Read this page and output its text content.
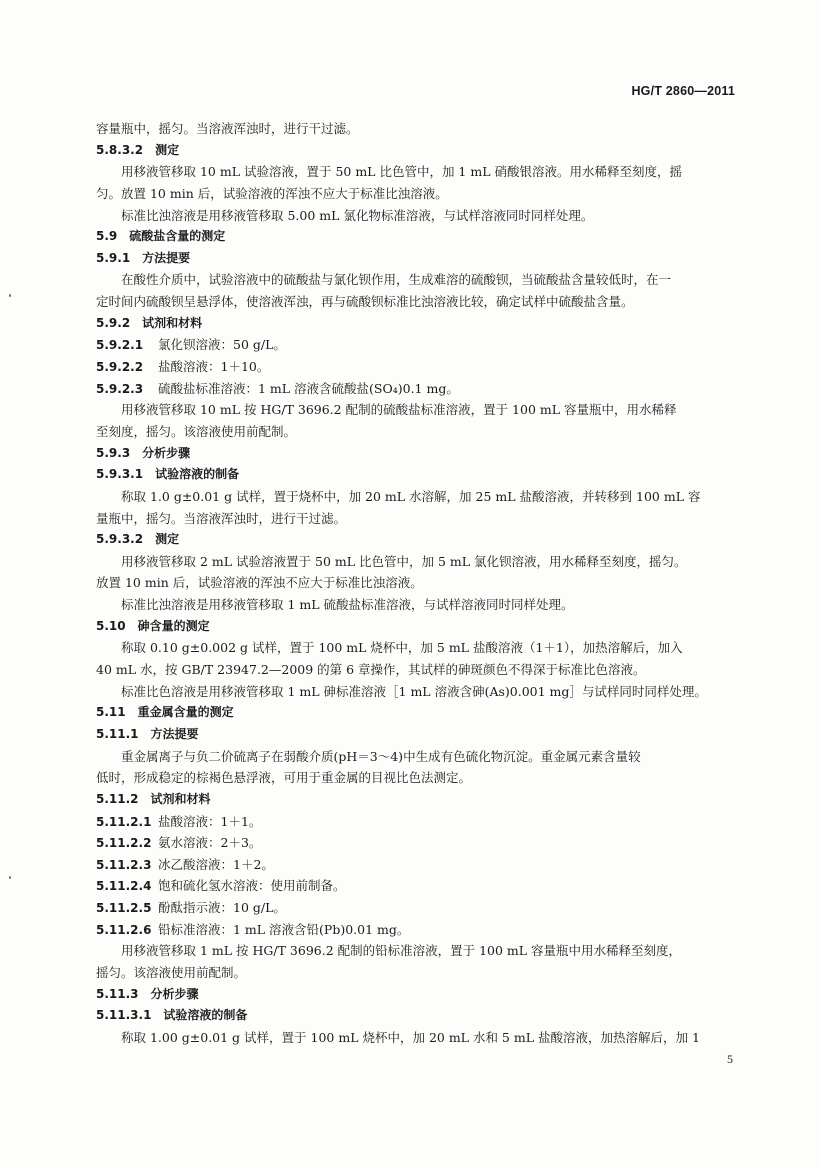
HG/T 2860—2011
容量瓶中，摇匀。当溶液浑浊时，进行干过滤。
5.8.3.2　测定
用移液管移取 10 mL 试验溶液，置于 50 mL 比色管中，加 1 mL 硝酸银溶液。用水稀释至刻度，摇
匀。放置 10 min 后，试验溶液的浑浊不应大于标准比浊溶液。
标准比浊溶液是用移液管移取 5.00 mL 氯化物标准溶液，与试样溶液同时同样处理。
5.9　硫酸盐含量的测定
5.9.1　方法提要
在酸性介质中，试验溶液中的硫酸盐与氯化钡作用，生成难溶的硫酸钡，当硫酸盐含量较低时，在一
定时间内硫酸钡呈悬浮体，使溶液浑浊，再与硫酸钡标准比浊溶液比较，确定试样中硫酸盐含量。
5.9.2　试剂和材料
5.9.2.1 氯化钡溶液：50 g/L。
5.9.2.2 盐酸溶液：1＋10。
5.9.2.3 硫酸盐标准溶液：1 mL 溶液含硫酸盐(SO₄)0.1 mg。
用移液管移取 10 mL 按 HG/T 3696.2 配制的硫酸盐标准溶液，置于 100 mL 容量瓶中，用水稀释
至刻度，摇匀。该溶液使用前配制。
5.9.3　分析步骤
5.9.3.1　试验溶液的制备
称取 1.0 g±0.01 g 试样，置于烧杯中，加 20 mL 水溶解，加 25 mL 盐酸溶液，并转移到 100 mL 容
量瓶中，摇匀。当溶液浑浊时，进行干过滤。
5.9.3.2　测定
用移液管移取 2 mL 试验溶液置于 50 mL 比色管中，加 5 mL 氯化钡溶液，用水稀释至刻度，摇匀。
放置 10 min 后，试验溶液的浑浊不应大于标准比浊溶液。
标准比浊溶液是用移液管移取 1 mL 硫酸盐标准溶液，与试样溶液同时同样处理。
5.10　砷含量的测定
称取 0.10 g±0.002 g 试样，置于 100 mL 烧杯中，加 5 mL 盐酸溶液（1＋1），加热溶解后，加入
40 mL 水，按 GB/T 23947.2—2009 的第 6 章操作，其试样的砷斑颜色不得深于标准比色溶液。
标准比色溶液是用移液管移取 1 mL 砷标准溶液［1 mL 溶液含砷(As)0.001 mg］与试样同时同样处理。
5.11　重金属含量的测定
5.11.1　方法提要
重金属离子与负二价硫离子在弱酸介质(pH＝3～4)中生成有色硫化物沉淀。重金属元素含量较
低时，形成稳定的棕褐色悬浮液，可用于重金属的目视比色法测定。
5.11.2　试剂和材料
5.11.2.1 盐酸溶液：1＋1。
5.11.2.2 氨水溶液：2＋3。
5.11.2.3 冰乙酸溶液：1＋2。
5.11.2.4 饱和硫化氢水溶液：使用前制备。
5.11.2.5 酚酞指示液：10 g/L。
5.11.2.6 铅标准溶液：1 mL 溶液含铅(Pb)0.01 mg。
用移液管移取 1 mL 按 HG/T 3696.2 配制的铅标准溶液，置于 100 mL 容量瓶中用水稀释至刻度，
摇匀。该溶液使用前配制。
5.11.3　分析步骤
5.11.3.1　试验溶液的制备
称取 1.00 g±0.01 g 试样，置于 100 mL 烧杯中，加 20 mL 水和 5 mL 盐酸溶液，加热溶解后，加 1
5
